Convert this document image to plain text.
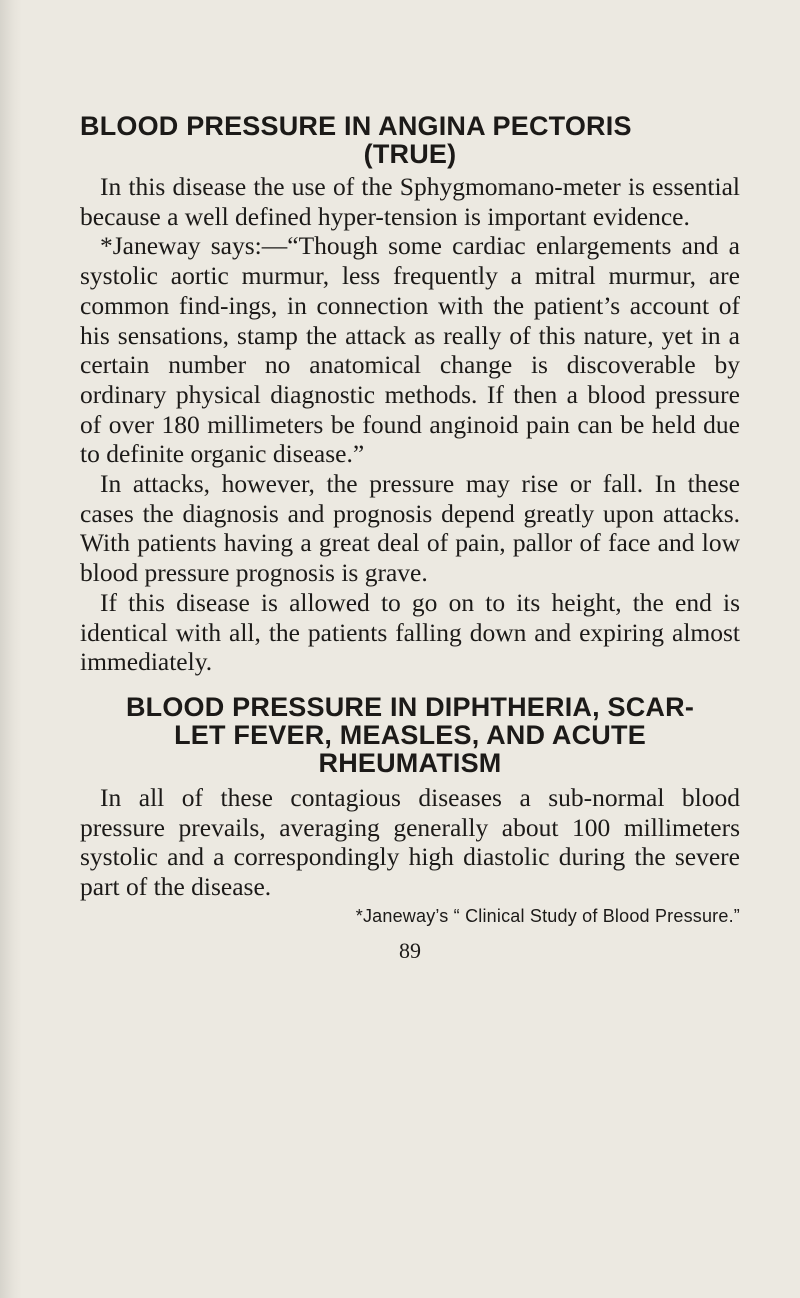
BLOOD PRESSURE IN ANGINA PECTORIS
(TRUE)

In this disease the use of the Sphygmomano-meter is essential because a well defined hyper-tension is important evidence.

*Janeway says:—“Though some cardiac enlargements and a systolic aortic murmur, less frequently a mitral murmur, are common find-ings, in connection with the patient’s account of his sensations, stamp the attack as really of this nature, yet in a certain number no anatomical change is discoverable by ordinary physical diagnostic methods. If then a blood pressure of over 180 millimeters be found anginoid pain can be held due to definite organic disease.”

In attacks, however, the pressure may rise or fall. In these cases the diagnosis and prognosis depend greatly upon attacks. With patients having a great deal of pain, pallor of face and low blood pressure prognosis is grave.

If this disease is allowed to go on to its height, the end is identical with all, the patients falling down and expiring almost immediately.

BLOOD PRESSURE IN DIPHTHERIA, SCAR-
LET FEVER, MEASLES, AND ACUTE
RHEUMATISM

In all of these contagious diseases a sub-normal blood pressure prevails, averaging generally about 100 millimeters systolic and a correspondingly high diastolic during the severe part of the disease.

*Janeway’s “ Clinical Study of Blood Pressure.”

89
